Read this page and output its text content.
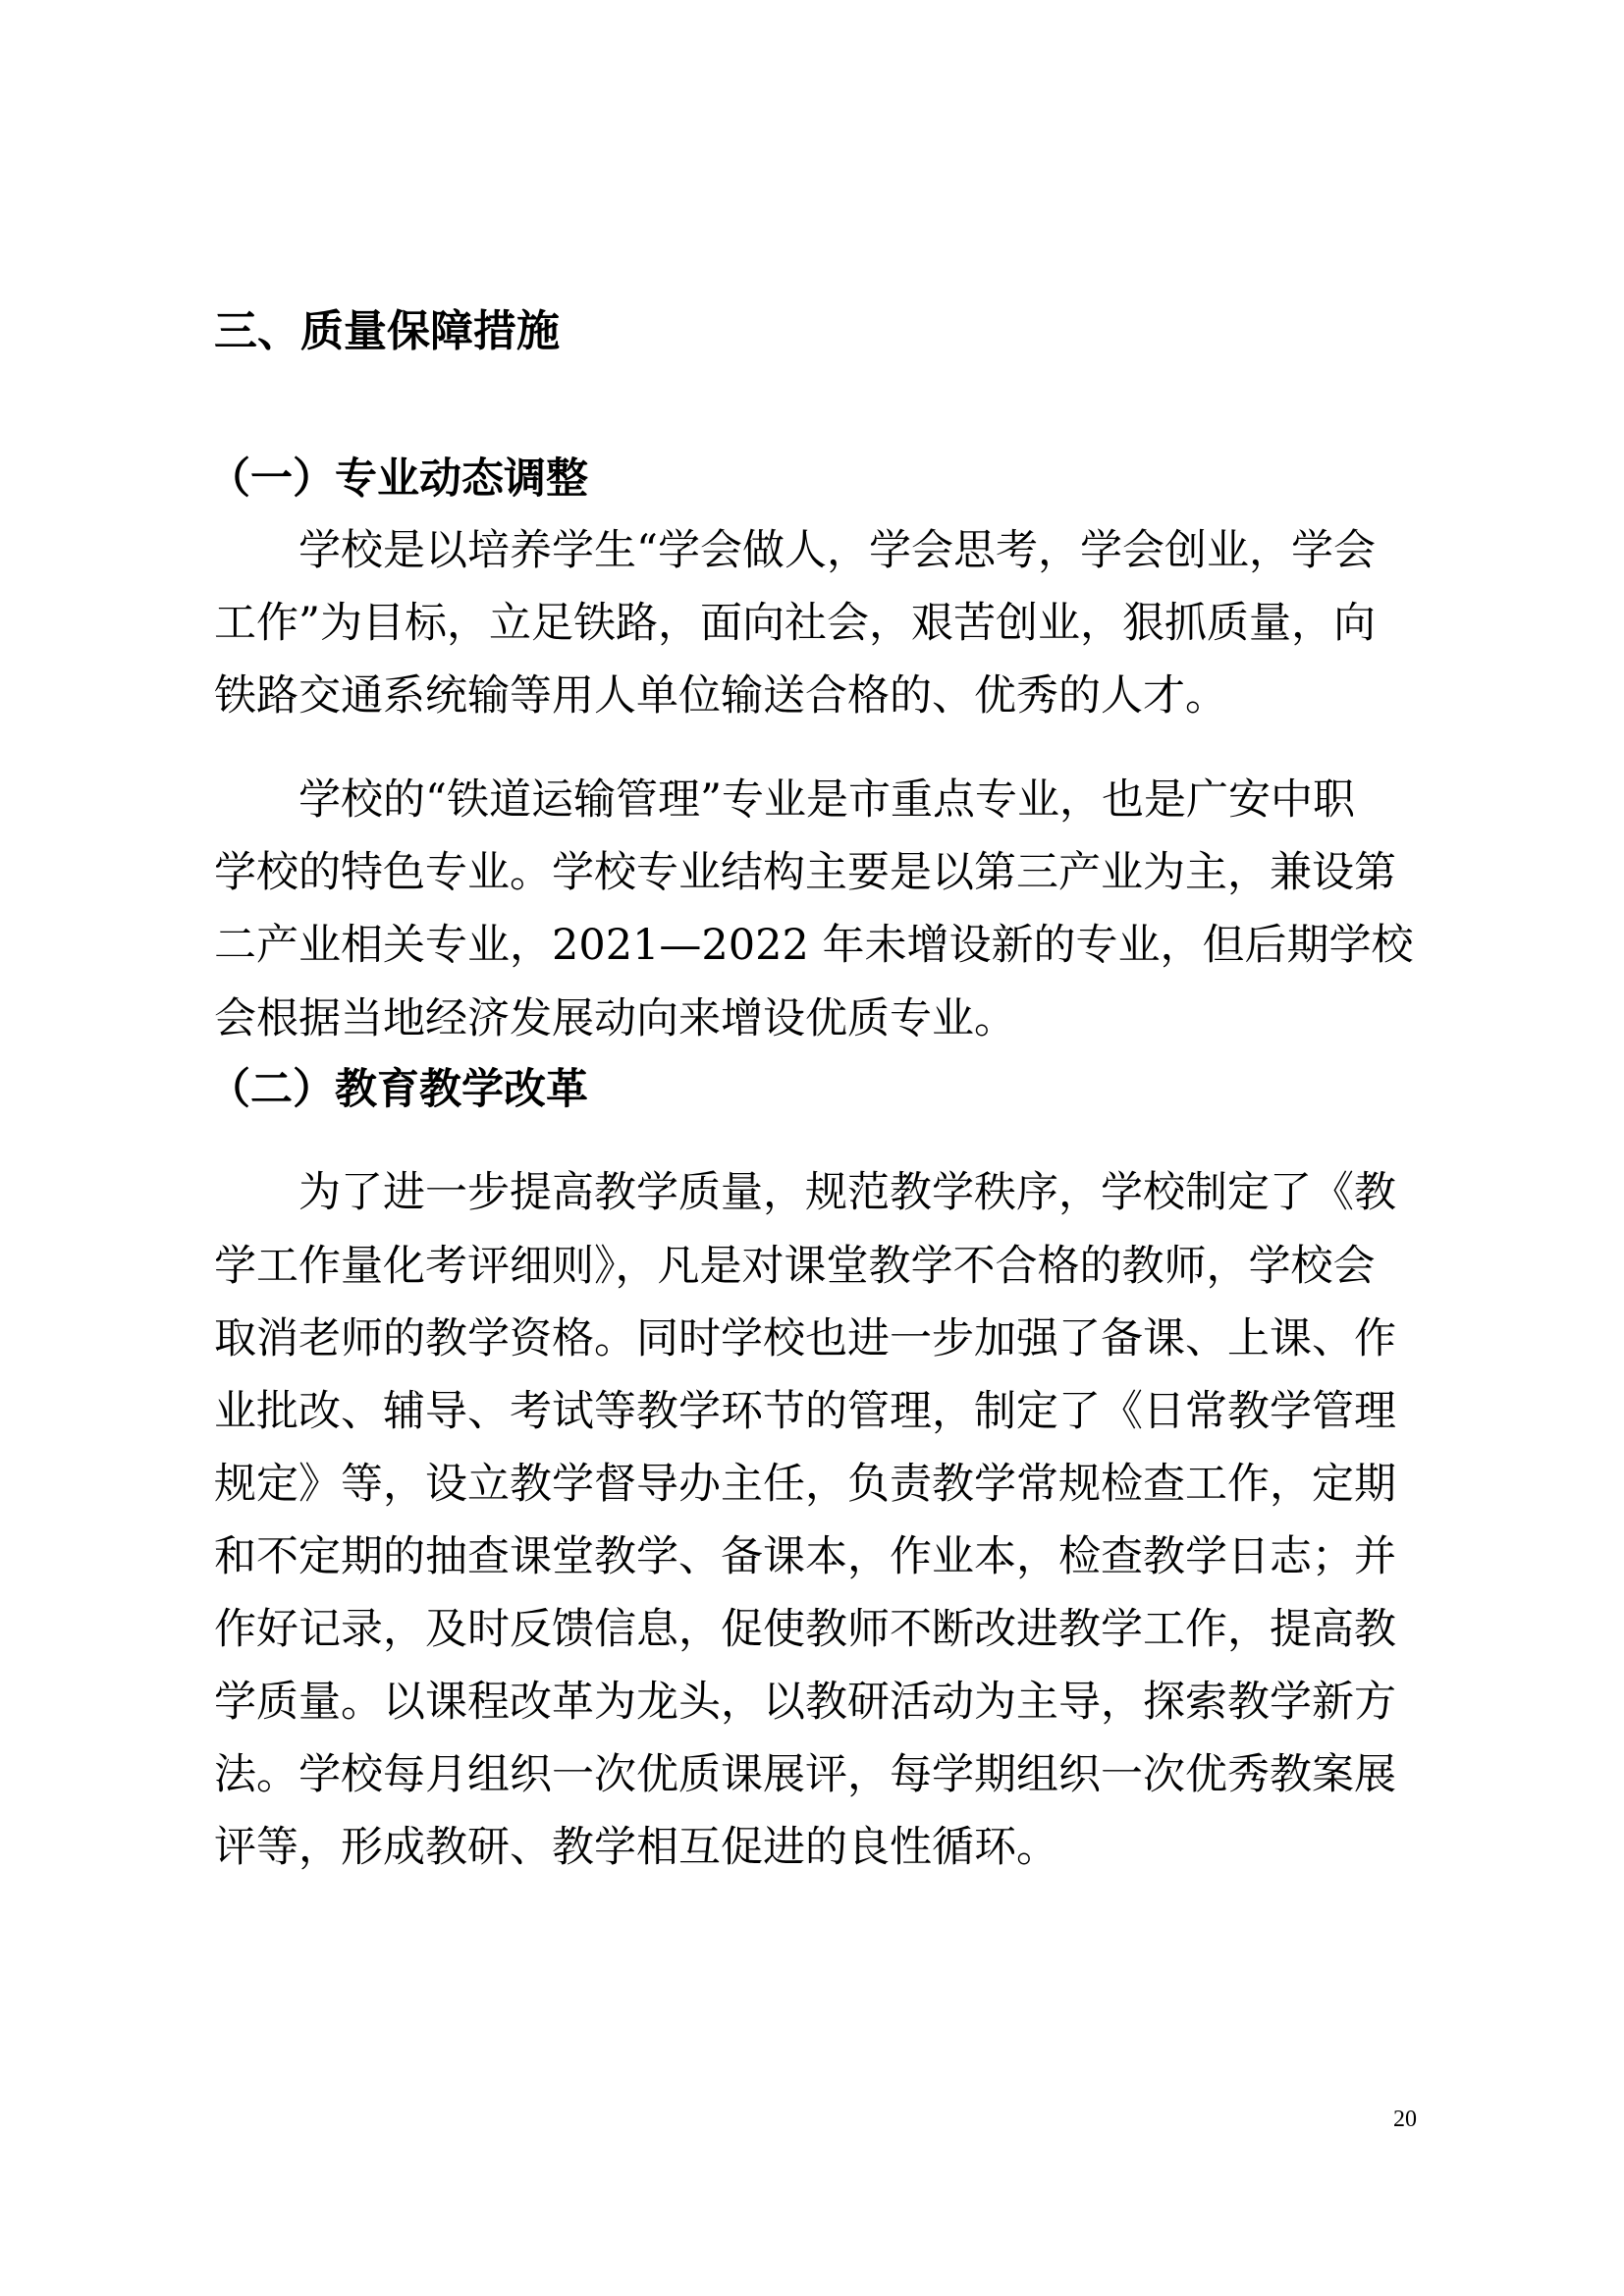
三、质量保障措施
（一）专业动态调整
学校是以培养学生“学会做人，学会思考，学会创业，学会
工作”为目标，立足铁路，面向社会，艰苦创业，狠抓质量，向
铁路交通系统输等用人单位输送合格的、优秀的人才。
学校的“铁道运输管理”专业是市重点专业，也是广安中职
学校的特色专业。学校专业结构主要是以第三产业为主，兼设第
二产业相关专业，2021—2022 年未增设新的专业，但后期学校
会根据当地经济发展动向来增设优质专业。
（二）教育教学改革
为了进一步提高教学质量，规范教学秩序，学校制定了《教
学工作量化考评细则》，凡是对课堂教学不合格的教师，学校会
取消老师的教学资格。同时学校也进一步加强了备课、上课、作
业批改、辅导、考试等教学环节的管理，制定了《日常教学管理
规定》等，设立教学督导办主任，负责教学常规检查工作，定期
和不定期的抽查课堂教学、备课本，作业本，检查教学日志；并
作好记录，及时反馈信息，促使教师不断改进教学工作，提高教
学质量。以课程改革为龙头，以教研活动为主导，探索教学新方
法。学校每月组织一次优质课展评，每学期组织一次优秀教案展
评等，形成教研、教学相互促进的良性循环。
20
